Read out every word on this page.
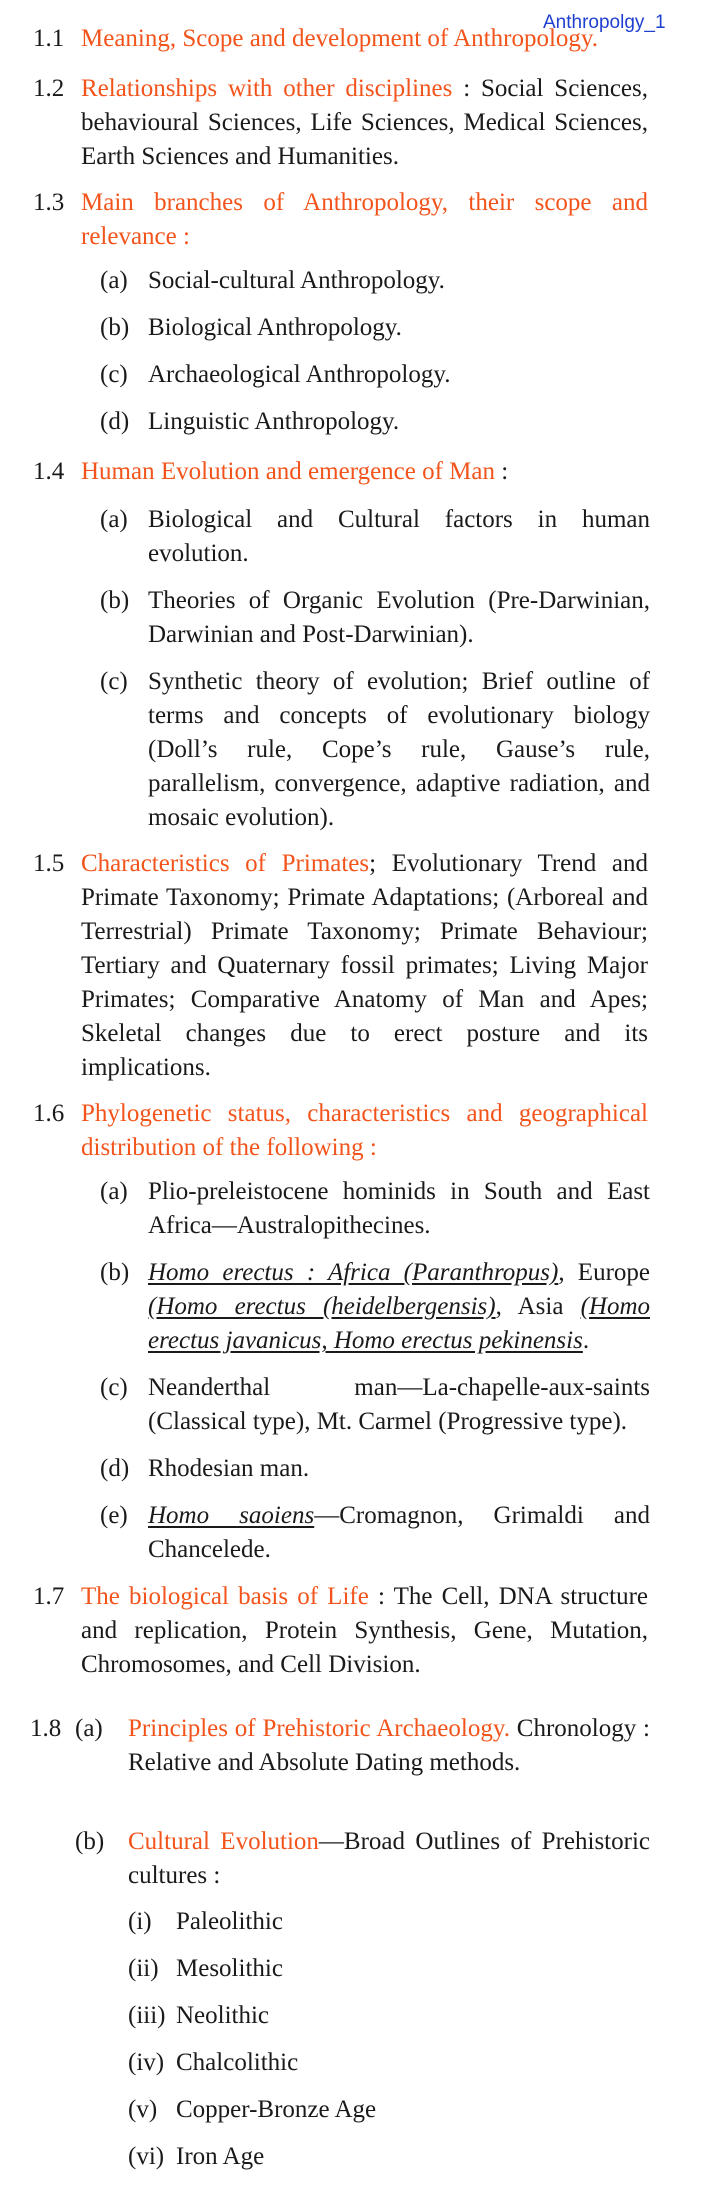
Anthropolgy_1
1.1 Meaning, Scope and development of Anthropology.
1.2 Relationships with other disciplines : Social Sciences, behavioural Sciences, Life Sciences, Medical Sciences, Earth Sciences and Humanities.
1.3 Main branches of Anthropology, their scope and relevance :
(a) Social-cultural Anthropology.
(b) Biological Anthropology.
(c) Archaeological Anthropology.
(d) Linguistic Anthropology.
1.4 Human Evolution and emergence of Man :
(a) Biological and Cultural factors in human evolution.
(b) Theories of Organic Evolution (Pre-Darwinian, Darwinian and Post-Darwinian).
(c) Synthetic theory of evolution; Brief outline of terms and concepts of evolutionary biology (Doll’s rule, Cope’s rule, Gause’s rule, parallelism, convergence, adaptive radiation, and mosaic evolution).
1.5 Characteristics of Primates; Evolutionary Trend and Primate Taxonomy; Primate Adaptations; (Arboreal and Terrestrial) Primate Taxonomy; Primate Behaviour; Tertiary and Quaternary fossil primates; Living Major Primates; Comparative Anatomy of Man and Apes; Skeletal changes due to erect posture and its implications.
1.6 Phylogenetic status, characteristics and geographical distribution of the following :
(a) Plio-preleistocene hominids in South and East Africa—Australopithecines.
(b) Homo erectus : Africa (Paranthropus), Europe (Homo erectus (heidelbergensis), Asia (Homo erectus javanicus, Homo erectus pekinensis.
(c) Neanderthal man—La-chapelle-aux-saints (Classical type), Mt. Carmel (Progressive type).
(d) Rhodesian man.
(e) Homo saoiens—Cromagnon, Grimaldi and Chancelede.
1.7 The biological basis of Life : The Cell, DNA structure and replication, Protein Synthesis, Gene, Mutation, Chromosomes, and Cell Division.
1.8 (a) Principles of Prehistoric Archaeology. Chronology : Relative and Absolute Dating methods.
(b) Cultural Evolution—Broad Outlines of Prehistoric cultures :
(i) Paleolithic
(ii) Mesolithic
(iii) Neolithic
(iv) Chalcolithic
(v) Copper-Bronze Age
(vi) Iron Age
